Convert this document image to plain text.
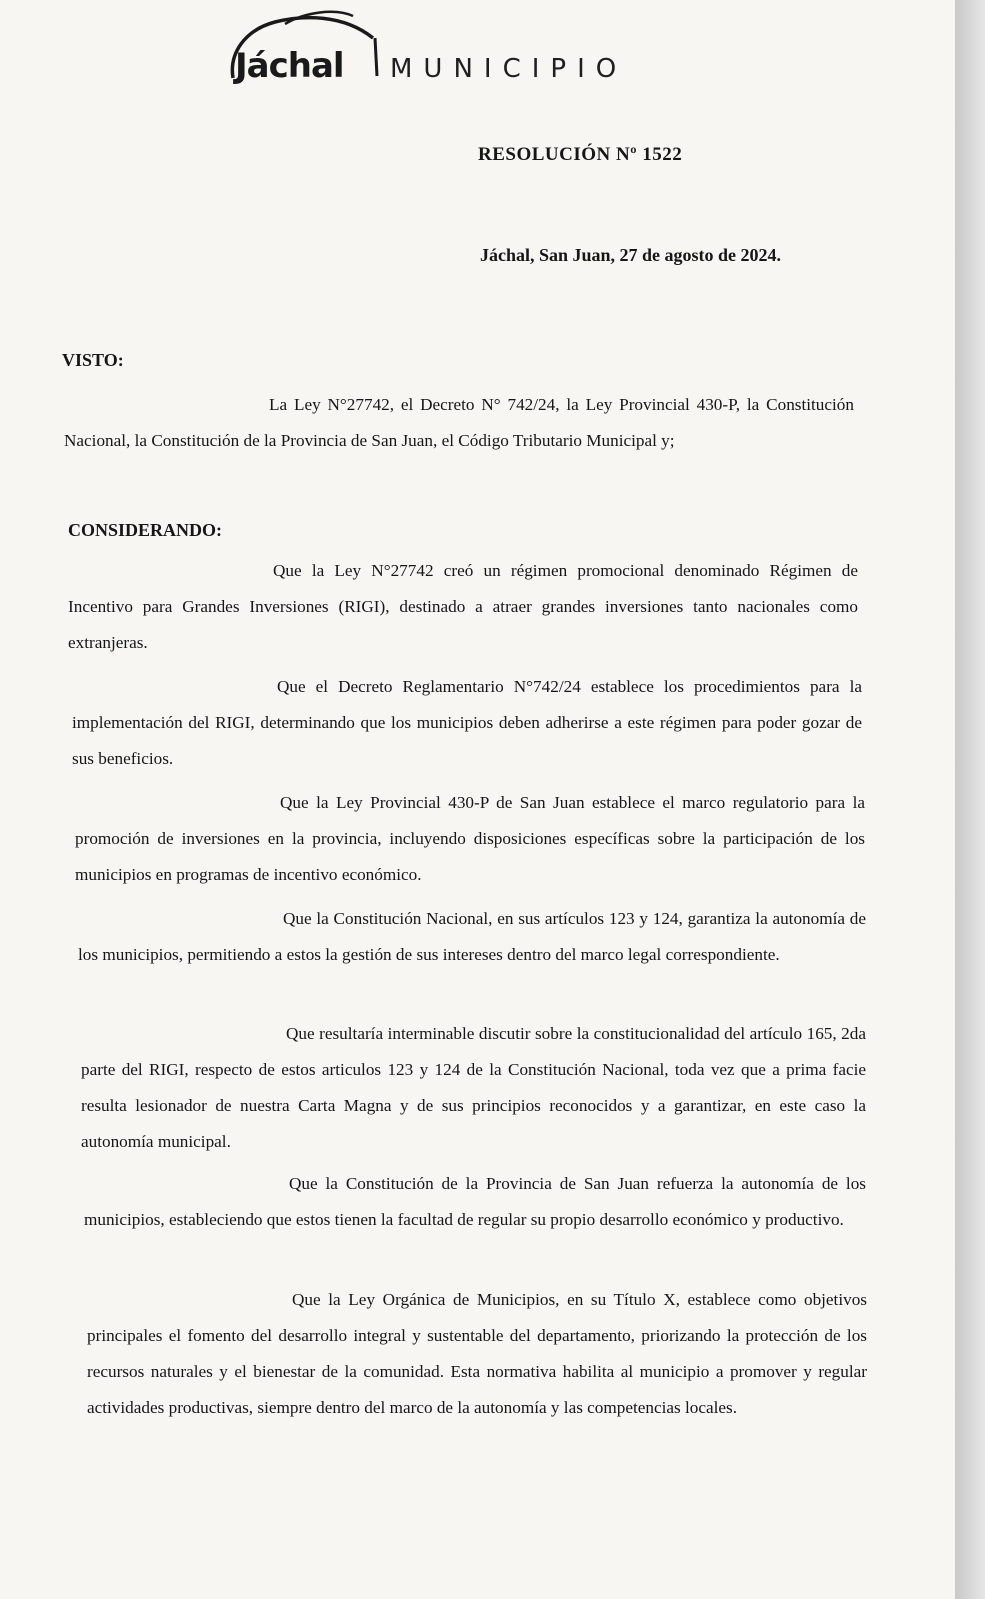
Jáchal MUNICIPIO
RESOLUCIÓN Nº 1522
Jáchal, San Juan, 27 de agosto de 2024.
VISTO:
La Ley N°27742, el Decreto N° 742/24, la Ley Provincial 430-P, la Constitución Nacional, la Constitución de la Provincia de San Juan, el Código Tributario Municipal y;
CONSIDERANDO:
Que la Ley N°27742 creó un régimen promocional denominado Régimen de Incentivo para Grandes Inversiones (RIGI), destinado a atraer grandes inversiones tanto nacionales como extranjeras.
Que el Decreto Reglamentario N°742/24 establece los procedimientos para la implementación del RIGI, determinando que los municipios deben adherirse a este régimen para poder gozar de sus beneficios.
Que la Ley Provincial 430-P de San Juan establece el marco regulatorio para la promoción de inversiones en la provincia, incluyendo disposiciones específicas sobre la participación de los municipios en programas de incentivo económico.
Que la Constitución Nacional, en sus artículos 123 y 124, garantiza la autonomía de los municipios, permitiendo a estos la gestión de sus intereses dentro del marco legal correspondiente.
Que resultaría interminable discutir sobre la constitucionalidad del artículo 165, 2da parte del RIGI, respecto de estos articulos 123 y 124 de la Constitución Nacional, toda vez que a prima facie resulta lesionador de nuestra Carta Magna y de sus principios reconocidos y a garantizar, en este caso la autonomía municipal.
Que la Constitución de la Provincia de San Juan refuerza la autonomía de los municipios, estableciendo que estos tienen la facultad de regular su propio desarrollo económico y productivo.
Que la Ley Orgánica de Municipios, en su Título X, establece como objetivos principales el fomento del desarrollo integral y sustentable del departamento, priorizando la protección de los recursos naturales y el bienestar de la comunidad. Esta normativa habilita al municipio a promover y regular actividades productivas, siempre dentro del marco de la autonomía y las competencias locales.
